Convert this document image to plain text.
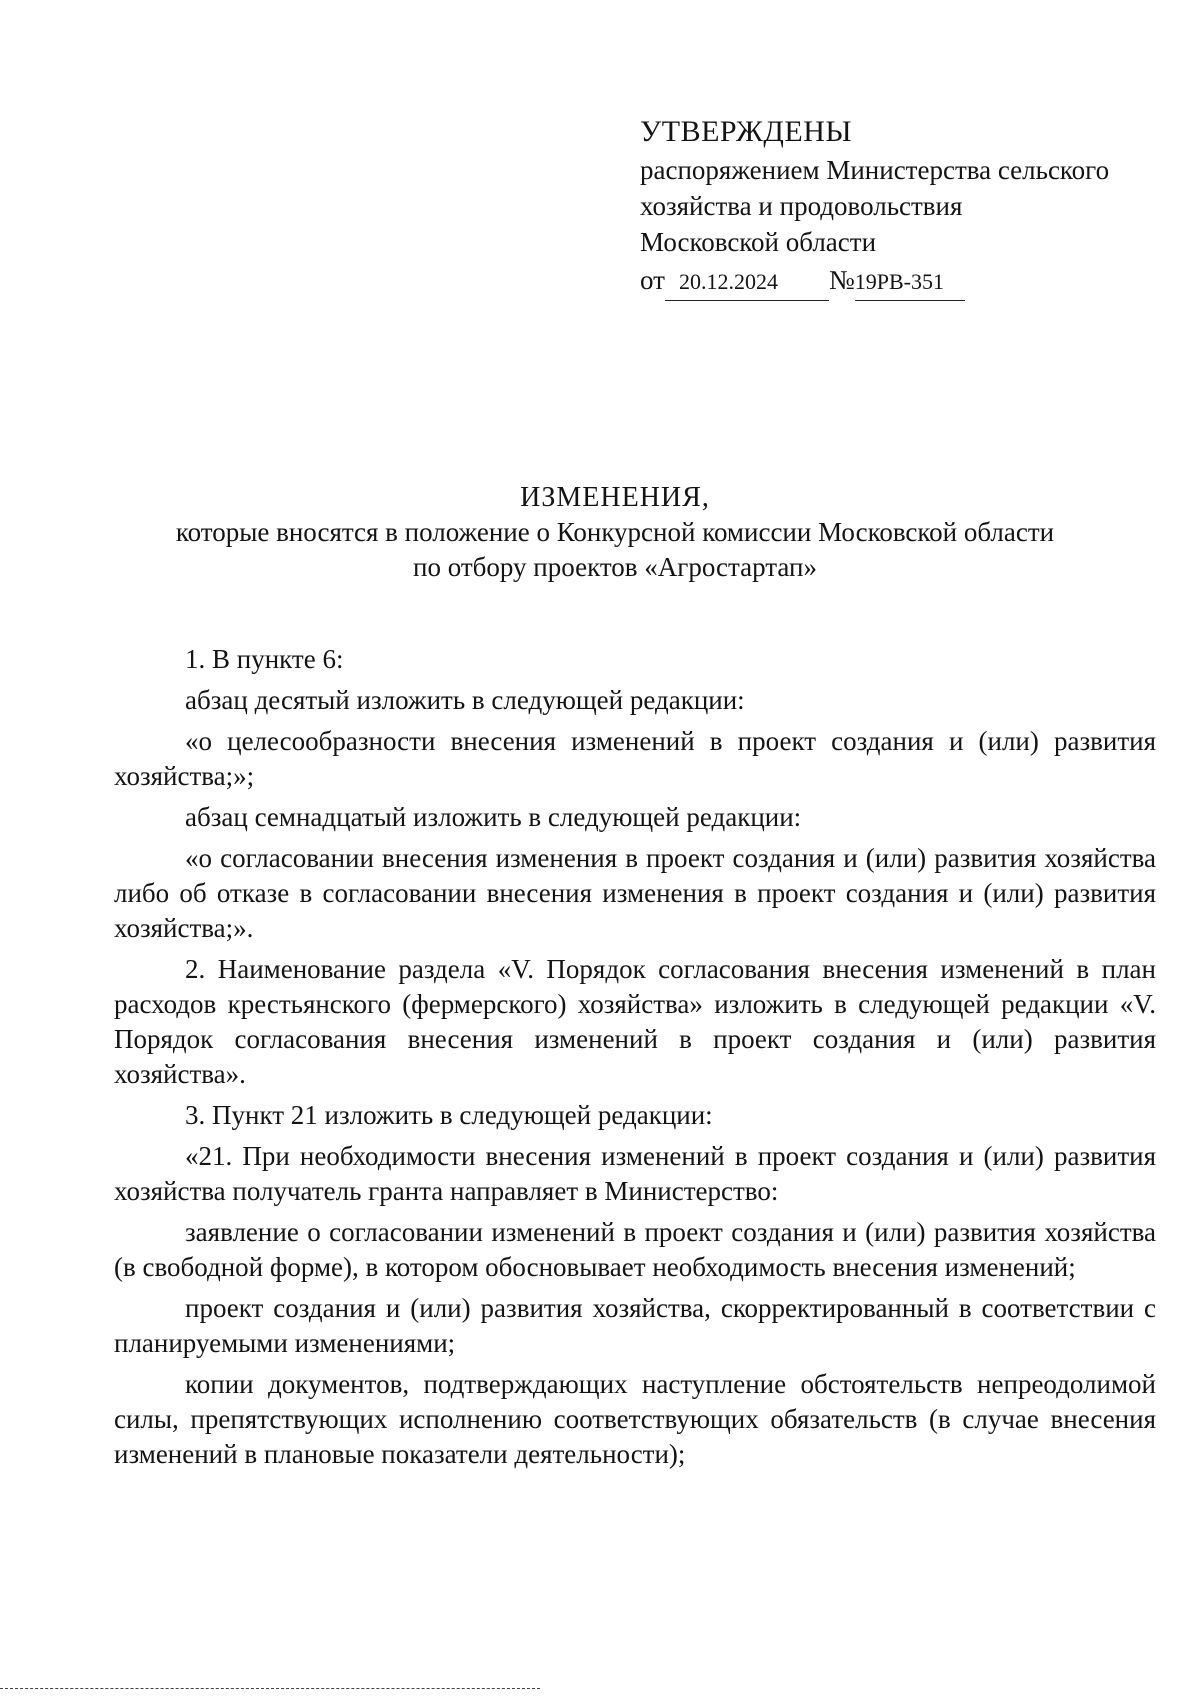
УТВЕРЖДЕНЫ
распоряжением Министерства сельского
хозяйства и продовольствия
Московской области
от 20.12.2024 №19РВ-351
ИЗМЕНЕНИЯ,
которые вносятся в положение о Конкурсной комиссии Московской области
по отбору проектов «Агростартап»

1. В пункте 6:

абзац десятый изложить в следующей редакции:

«о целесообразности внесения изменений в проект создания и (или) развития хозяйства;»;

абзац семнадцатый изложить в следующей редакции:

«о согласовании внесения изменения в проект создания и (или) развития хозяйства либо об отказе в согласовании внесения изменения в проект создания и (или) развития хозяйства;».

2. Наименование раздела «V. Порядок согласования внесения изменений в план расходов крестьянского (фермерского) хозяйства» изложить в следующей редакции «V. Порядок согласования внесения изменений в проект создания и (или) развития хозяйства».

3. Пункт 21 изложить в следующей редакции:

«21. При необходимости внесения изменений в проект создания и (или) развития хозяйства получатель гранта направляет в Министерство:

заявление о согласовании изменений в проект создания и (или) развития хозяйства (в свободной форме), в котором обосновывает необходимость внесения изменений;

проект создания и (или) развития хозяйства, скорректированный в соответствии с планируемыми изменениями;

копии документов, подтверждающих наступление обстоятельств непреодолимой силы, препятствующих исполнению соответствующих обязательств (в случае внесения изменений в плановые показатели деятельности);
